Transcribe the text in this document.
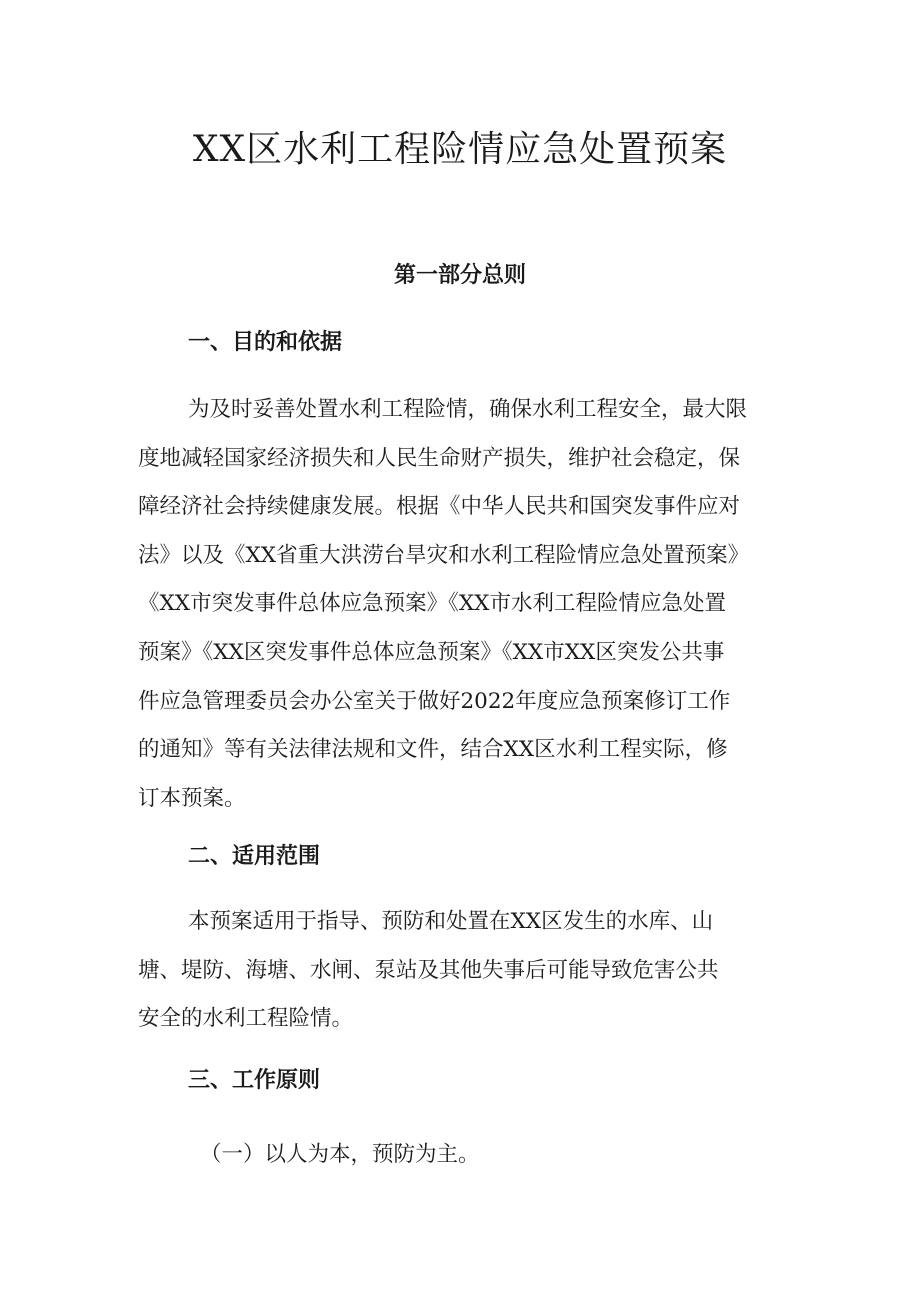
XX区水利工程险情应急处置预案
第一部分总则
一、目的和依据
为及时妥善处置水利工程险情，确保水利工程安全，最大限
度地减轻国家经济损失和人民生命财产损失，维护社会稳定，保
障经济社会持续健康发展。根据《中华人民共和国突发事件应对
法》以及《XX省重大洪涝台旱灾和水利工程险情应急处置预案》
《XX市突发事件总体应急预案》《XX市水利工程险情应急处置
预案》《XX区突发事件总体应急预案》《XX市XX区突发公共事
件应急管理委员会办公室关于做好2022年度应急预案修订工作
的通知》等有关法律法规和文件，结合XX区水利工程实际，修
订本预案。
二、适用范围
本预案适用于指导、预防和处置在XX区发生的水库、山
塘、堤防、海塘、水闸、泵站及其他失事后可能导致危害公共
安全的水利工程险情。
三、工作原则

（一）以人为本，预防为主。
